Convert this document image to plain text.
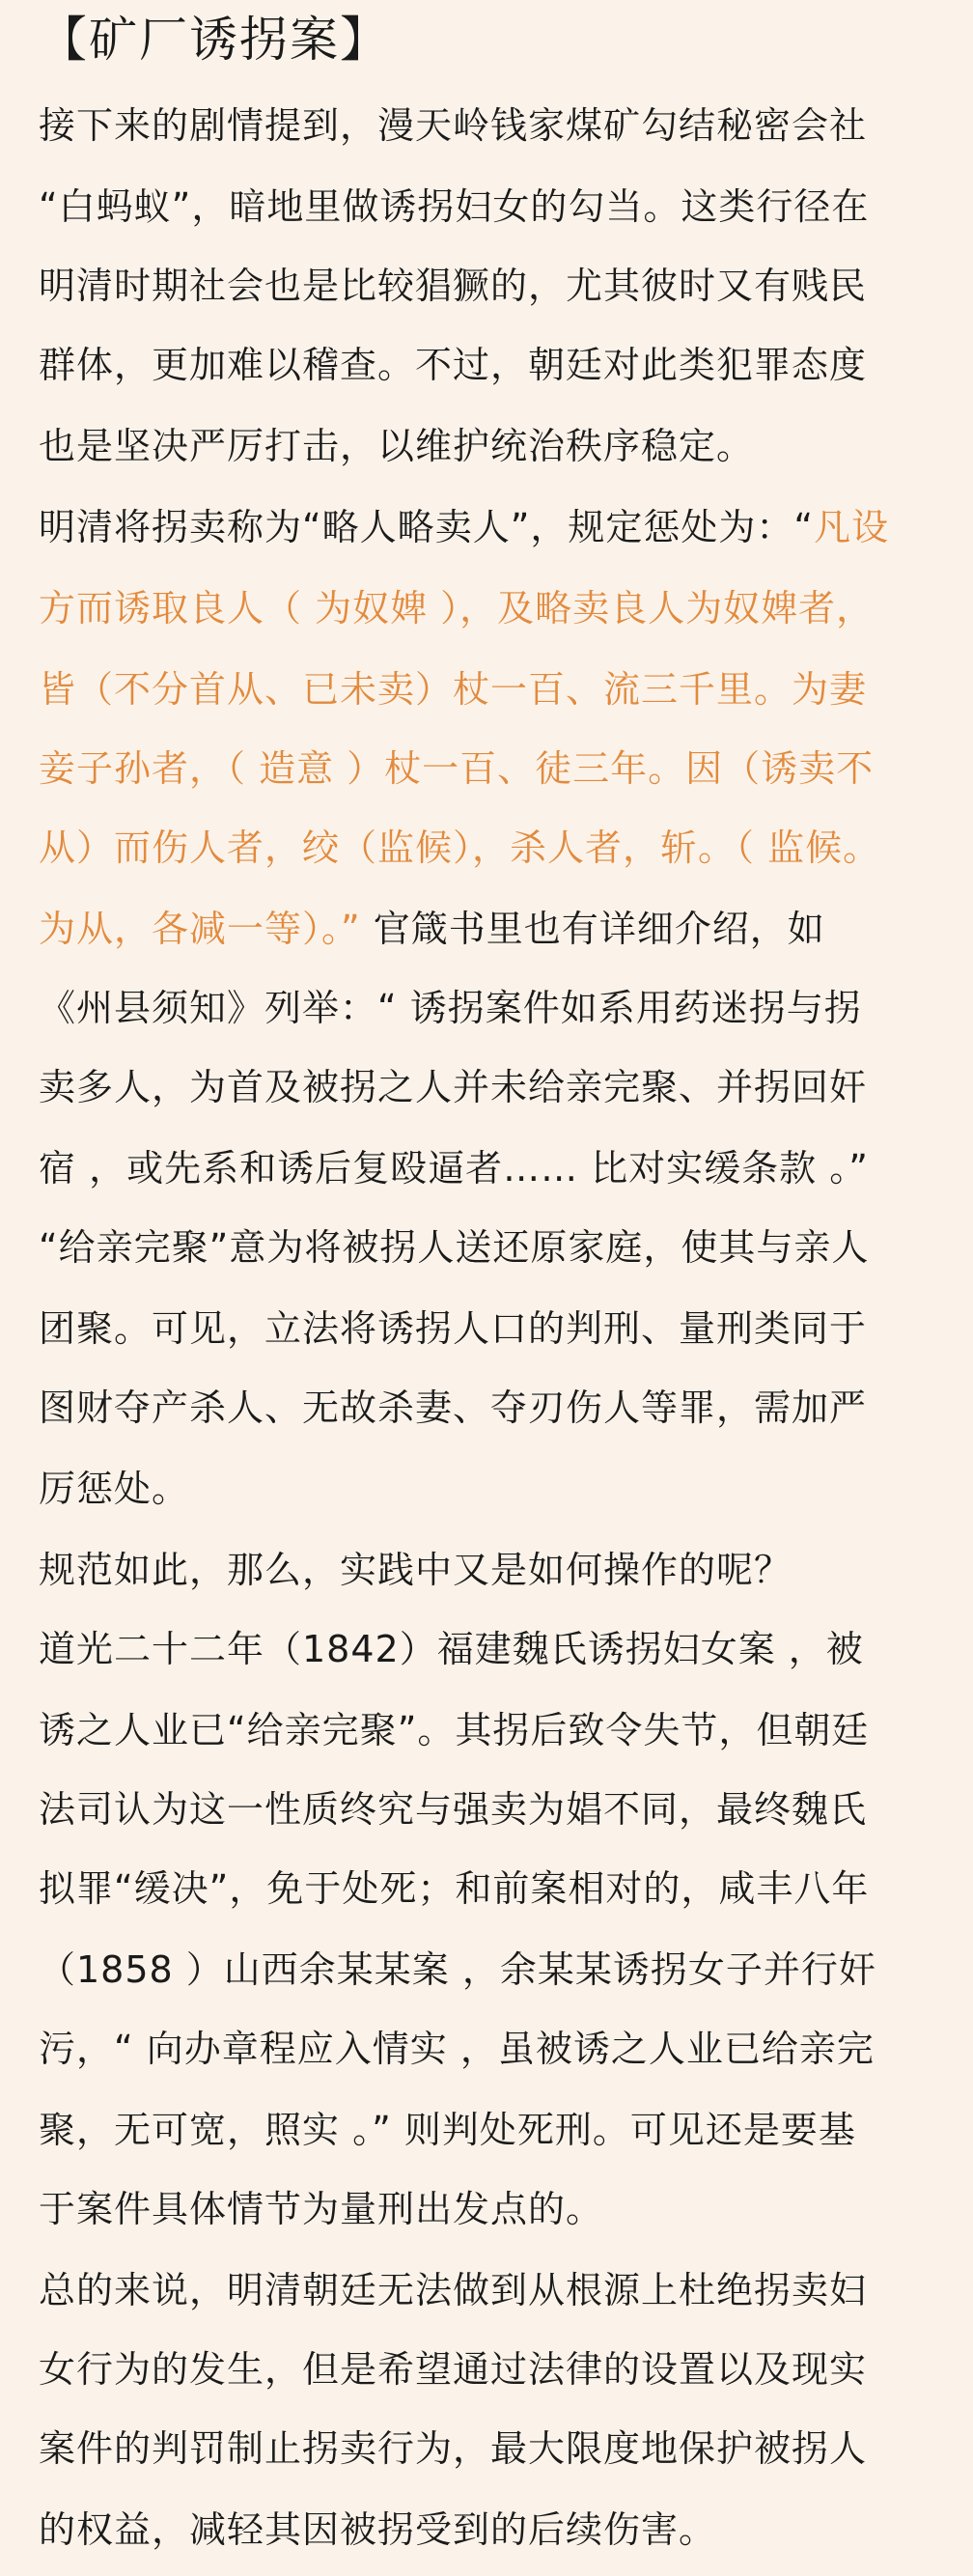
【矿厂诱拐案】
接下来的剧情提到，漫天岭钱家煤矿勾结秘密会社
“白蚂蚁”，暗地里做诱拐妇女的勾当。这类行径在
明清时期社会也是比较猖獗的，尤其彼时又有贱民
群体，更加难以稽查。不过，朝廷对此类犯罪态度
也是坚决严厉打击，以维护统治秩序稳定。
明清将拐卖称为“略人略卖人”，规定惩处为：“凡设
方而诱取良人（ 为奴婢 ），及略卖良人为奴婢者，
皆（不分首从、已未卖）杖一百、流三千里。为妻
妾子孙者，（ 造意 ）杖一百、徒三年。因（诱卖不
从）而伤人者，绞（监候），杀人者，斩。（ 监候。
为从，各减一等）。” 官箴书里也有详细介绍，如
《州县须知》列举：“ 诱拐案件如系用药迷拐与拐
卖多人，为首及被拐之人并未给亲完聚、并拐回奸
宿 ，或先系和诱后复殴逼者…… 比对实缓条款 。”
“给亲完聚”意为将被拐人送还原家庭，使其与亲人
团聚。可见，立法将诱拐人口的判刑、量刑类同于
图财夺产杀人、无故杀妻、夺刃伤人等罪，需加严
厉惩处。
规范如此，那么，实践中又是如何操作的呢？
道光二十二年（1842）福建魏氏诱拐妇女案 ，被
诱之人业已“给亲完聚”。其拐后致令失节，但朝廷
法司认为这一性质终究与强卖为娼不同，最终魏氏
拟罪“缓决”，免于处死；和前案相对的，咸丰八年
（1858 ）山西余某某案 ，余某某诱拐女子并行奸
污，“ 向办章程应入情实 ，虽被诱之人业已给亲完
聚，无可宽，照实 。” 则判处死刑。可见还是要基
于案件具体情节为量刑出发点的。
总的来说，明清朝廷无法做到从根源上杜绝拐卖妇
女行为的发生，但是希望通过法律的设置以及现实
案件的判罚制止拐卖行为，最大限度地保护被拐人
的权益，减轻其因被拐受到的后续伤害。
